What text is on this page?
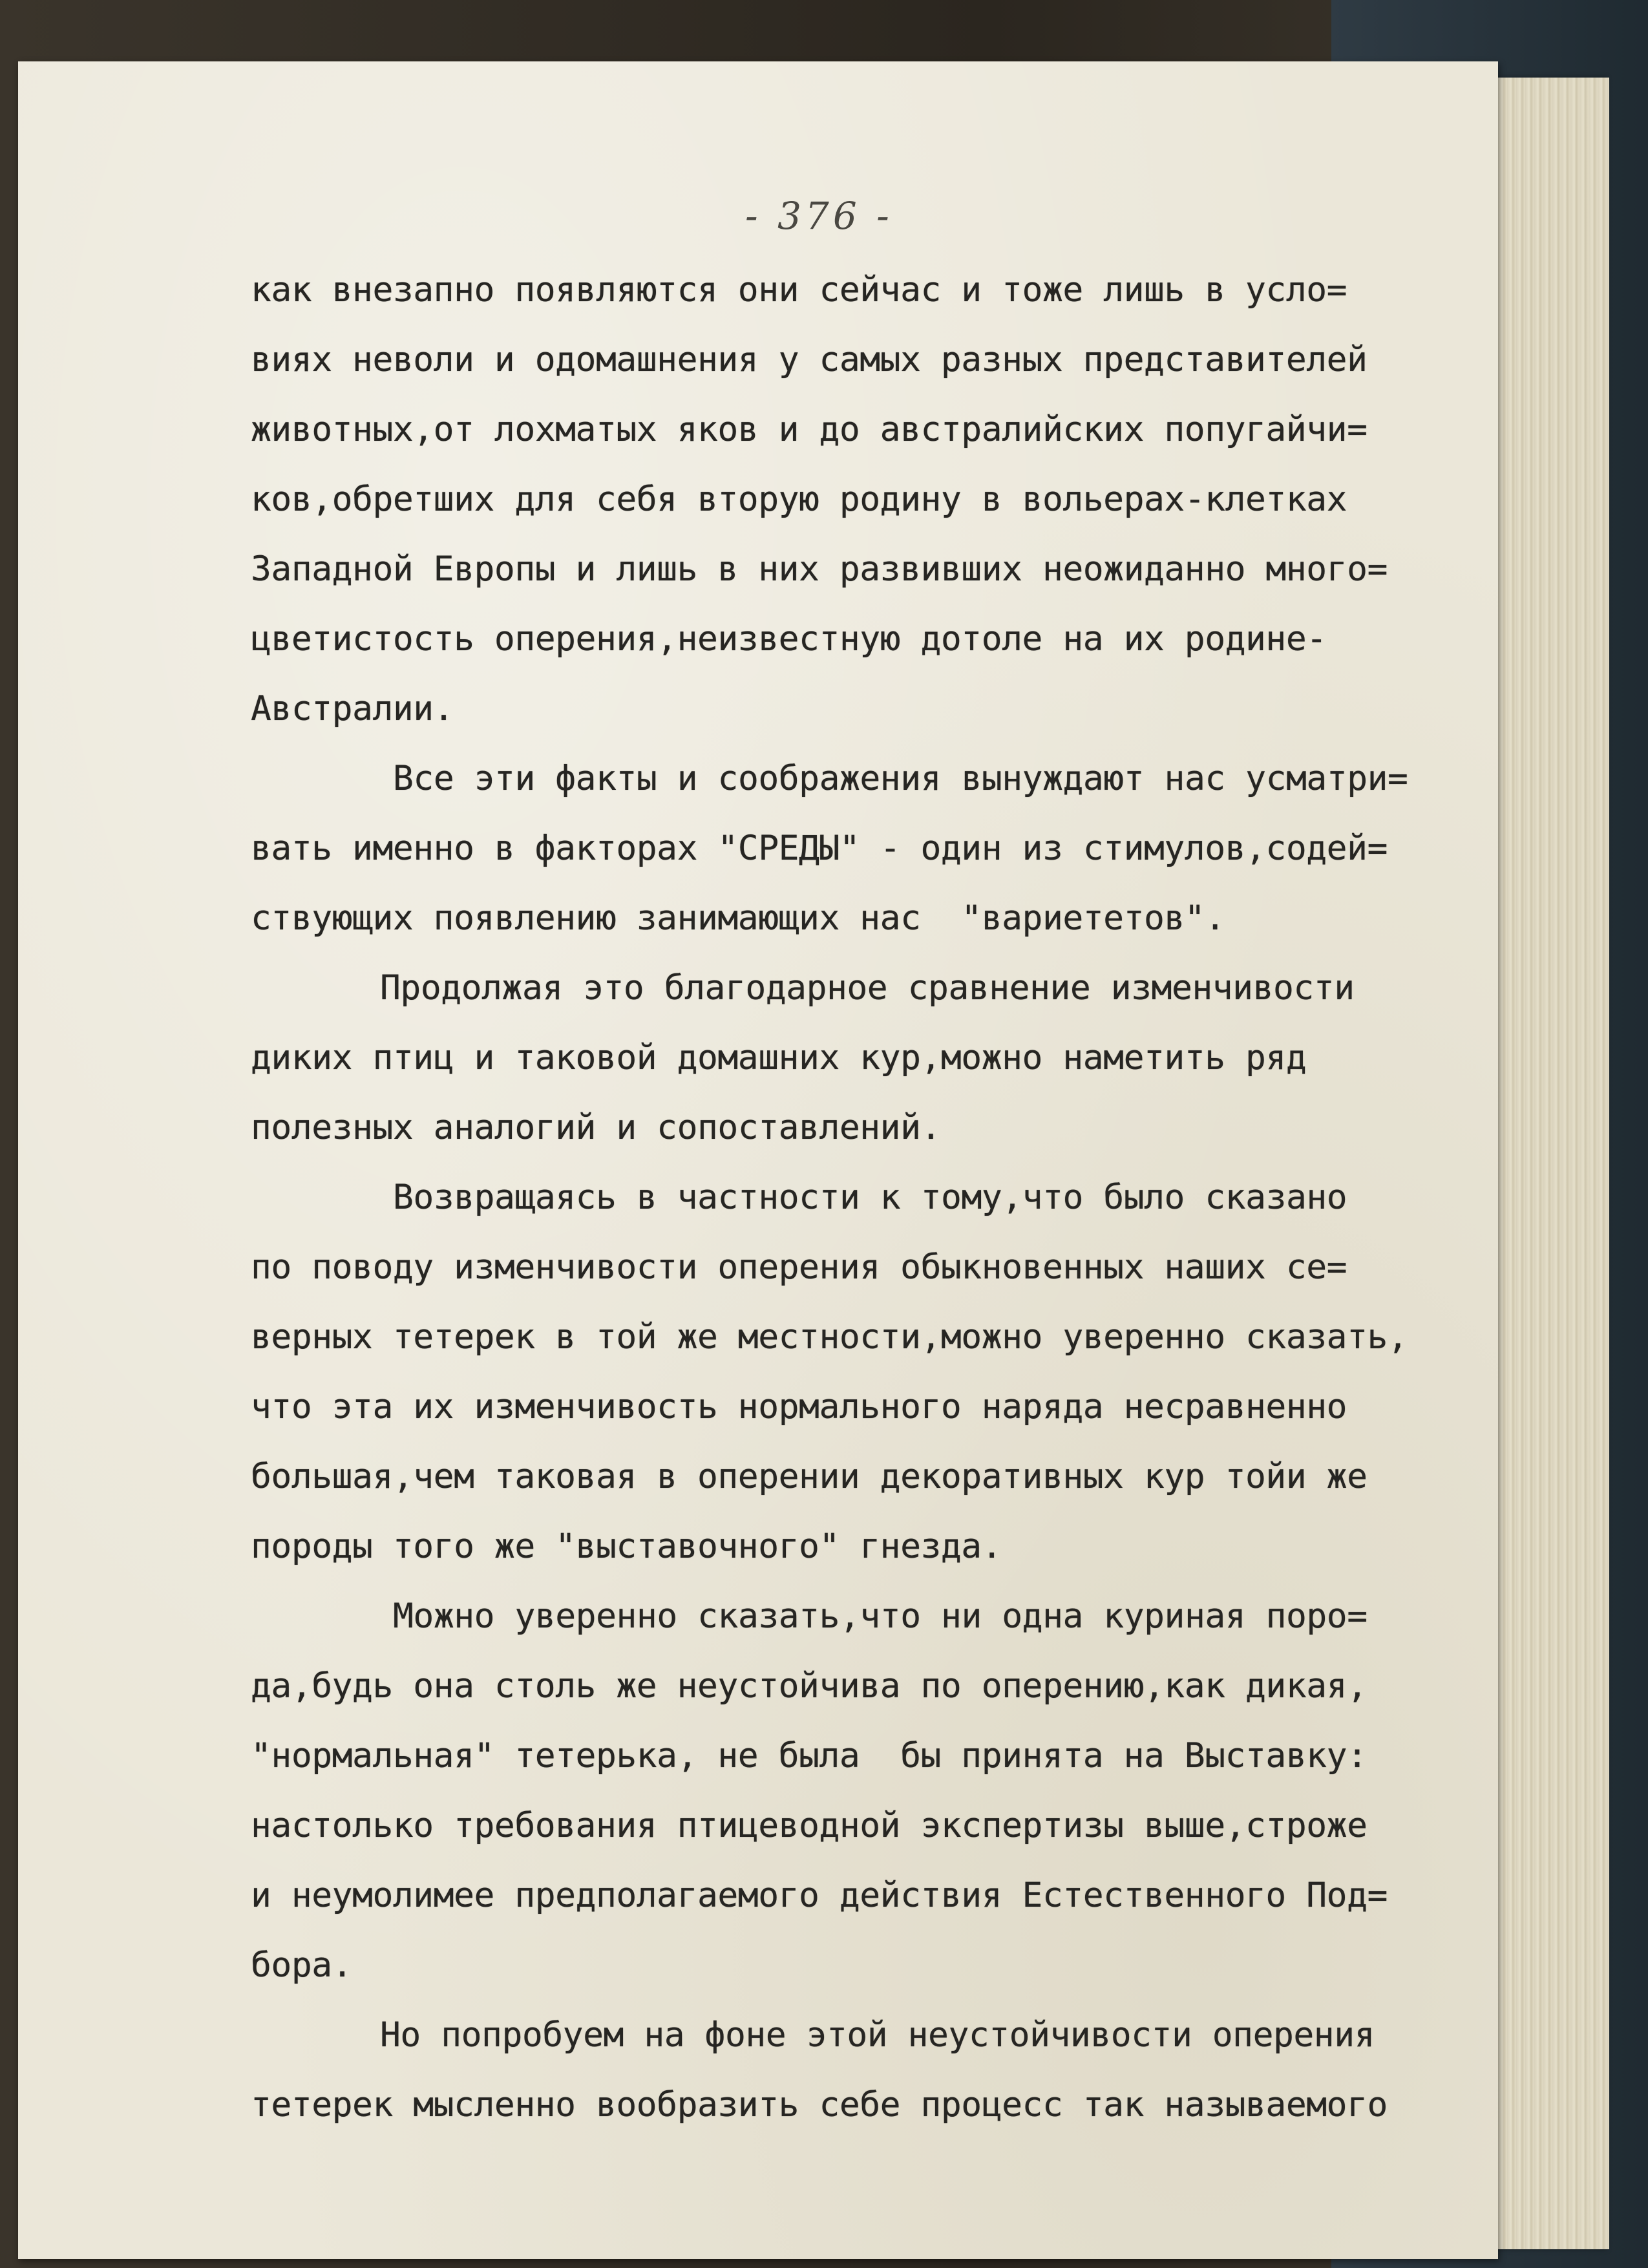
- 376 -
как внезапно появляются они сейчас и тоже лишь в усло=
виях неволи и одомашнения у самых разных представителей
животных,от лохматых яков и до австралийских попугайчи=
ков,обретших для себя вторую родину в вольерах-клетках
Западной Европы и лишь в них развивших неожиданно много=
цветистость оперения,неизвестную дотоле на их родине-
Австралии.
Все эти факты и соображения вынуждают нас усматри=
вать именно в факторах "СРЕДЫ" - один из стимулов,содей=
ствующих появлению занимающих нас  "вариететов".
Продолжая это благодарное сравнение изменчивости
диких птиц и таковой домашних кур,можно наметить ряд
полезных аналогий и сопоставлений.
Возвращаясь в частности к тому,что было сказано
по поводу изменчивости оперения обыкновенных наших се=
верных тетерек в той же местности,можно уверенно сказать,
что эта их изменчивость нормального наряда несравненно
большая,чем таковая в оперении декоративных кур тойи же
породы того же "выставочного" гнезда.
Можно уверенно сказать,что ни одна куриная поро=
да,будь она столь же неустойчива по оперению,как дикая,
"нормальная" тетерька, не была  бы принята на Выставку:
настолько требования птицеводной экспертизы выше,строже
и неумолимее предполагаемого действия Естественного Под=
бора.
Но попробуем на фоне этой неустойчивости оперения
тетерек мысленно вообразить себе процесс так называемого
